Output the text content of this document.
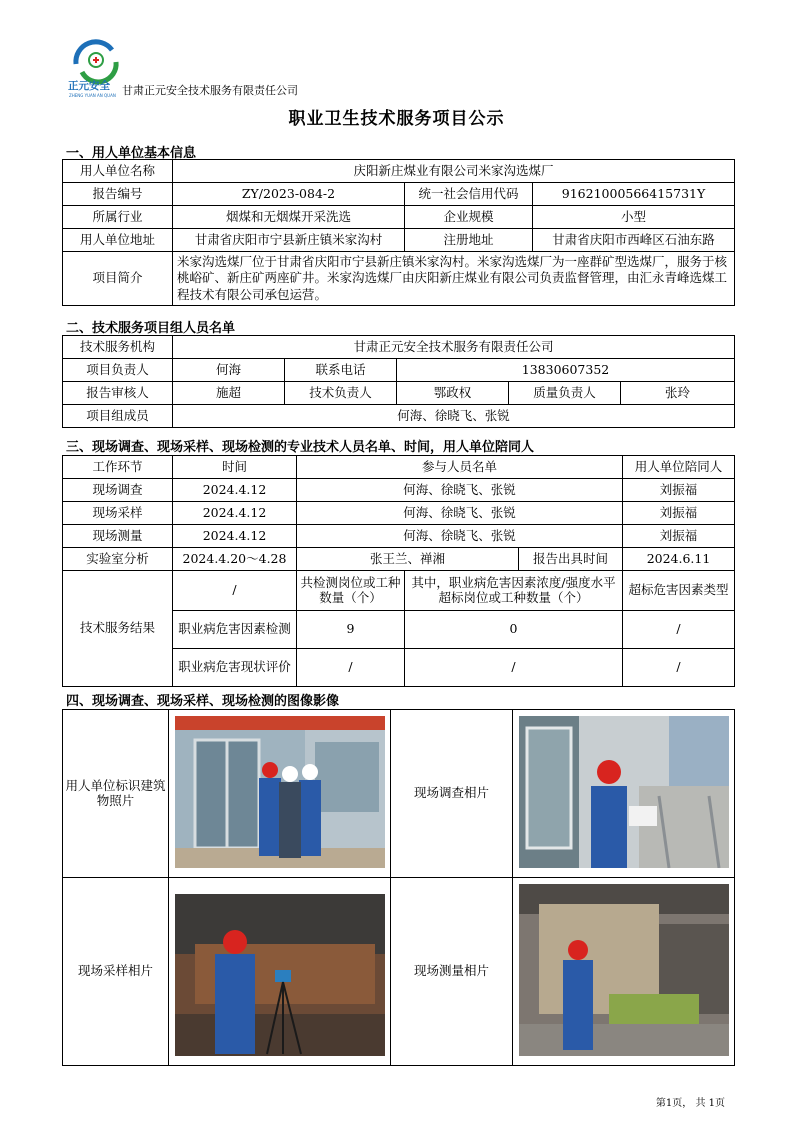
正元安全
ZHENG YUAN AN QUAN 甘肃正元安全技术服务有限责任公司
职业卫生技术服务项目公示
一、用人单位基本信息
用人单位名称	庆阳新庄煤业有限公司米家沟选煤厂		
报告编号	ZY/2023-084-2	统一社会信用代码	91621000566415731Y
所属行业	烟煤和无烟煤开采洗选	企业规模	小型
用人单位地址	甘肃省庆阳市宁县新庄镇米家沟村	注册地址	甘肃省庆阳市西峰区石油东路
项目简介	米家沟选煤厂位于甘肃省庆阳市宁县新庄镇米家沟村。米家沟选煤厂为一座群矿型选煤厂，服务于核桃峪矿、新庄矿两座矿井。米家沟选煤厂由庆阳新庄煤业有限公司负责监督管理，由汇永青峰选煤工程技术有限公司承包运营。		
二、技术服务项目组人员名单
技术服务机构	甘肃正元安全技术服务有限责任公司				
项目负责人	何海	联系电话	13830607352		
报告审核人	施超	技术负责人	鄂政权	质量负责人	张玲
项目组成员	何海、徐晓飞、张锐				
三、现场调查、现场采样、现场检测的专业技术人员名单、时间，用人单位陪同人
工作环节	时间	参与人员名单			用人单位陪同人
现场调查	2024.4.12	何海、徐晓飞、张锐			刘振福
现场采样	2024.4.12	何海、徐晓飞、张锐			刘振福
现场测量	2024.4.12	何海、徐晓飞、张锐			刘振福
实验室分析	2024.4.20～4.28	张王兰、禅湘		报告出具时间	2024.6.11
技术服务结果	/	共检测岗位或工种数量（个）	其中，职业病危害因素浓度/强度水平超标岗位或工种数量（个）		超标危害因素类型
	职业病危害因素检测	9	0		/
	职业病危害现状评价	/	/		/
四、现场调查、现场采样、现场检测的图像影像
用人单位标识建筑物照片		现场调查相片	
现场采样相片		现场测量相片	
第1页， 共 1页
